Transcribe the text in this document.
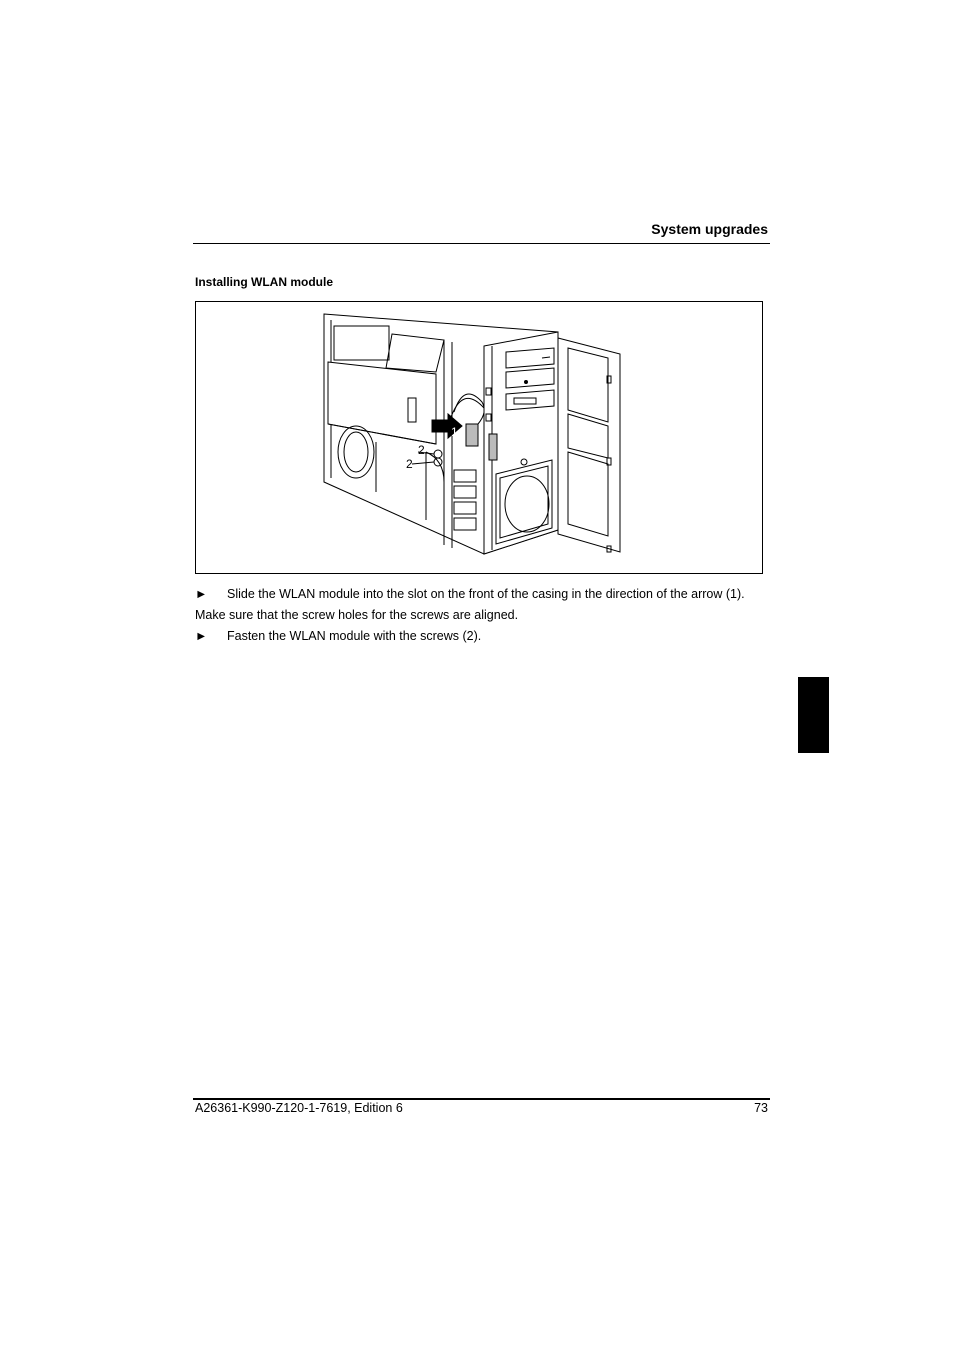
System upgrades
Installing WLAN module
1
2
2
► Slide the WLAN module into the slot on the front of the casing in the direction of the arrow (1).
Make sure that the screw holes for the screws are aligned.
► Fasten the WLAN module with the screws (2).
A26361-K990-Z120-1-7619, Edition 6	73
